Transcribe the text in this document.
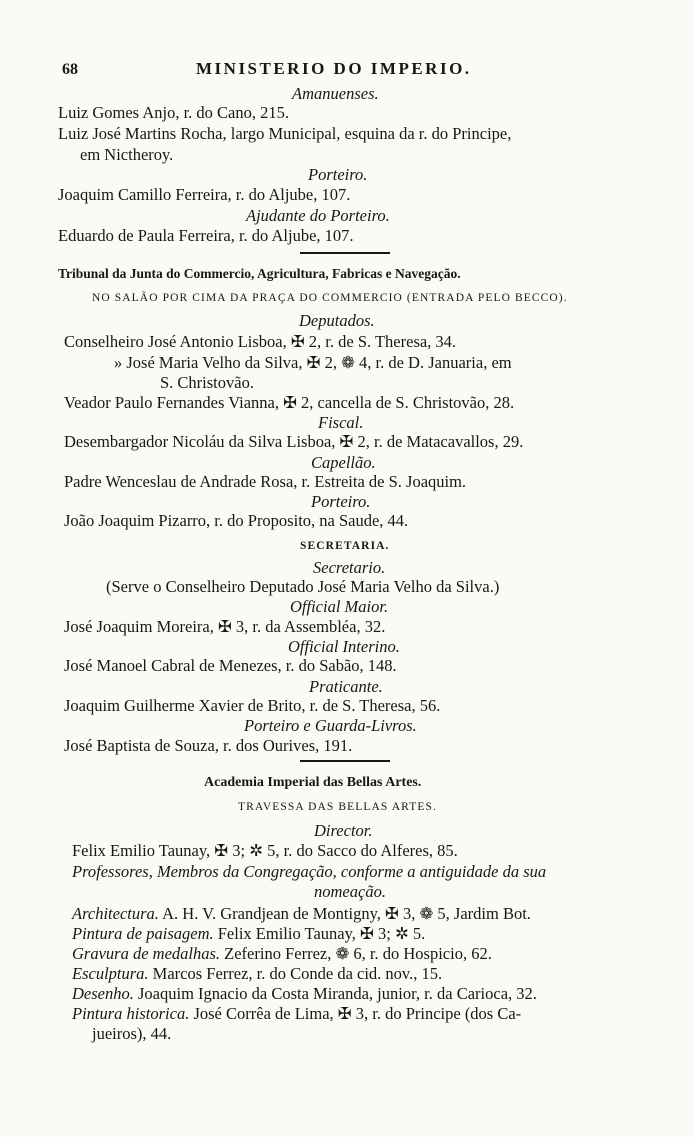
68	MINISTERIO DO IMPERIO.
Amanuenses.
Luiz Gomes Anjo, r. do Cano, 215.
Luiz José Martins Rocha, largo Municipal, esquina da r. do Principe,
em Nictheroy.
Porteiro.
Joaquim Camillo Ferreira, r. do Aljube, 107.
Ajudante do Porteiro.
Eduardo de Paula Ferreira, r. do Aljube, 107.
Tribunal da Junta do Commercio, Agricultura, Fabricas e Navegação.
NO SALÃO POR CIMA DA PRAÇA DO COMMERCIO (ENTRADA PELO BECCO).
Deputados.
Conselheiro José Antonio Lisboa, ✠ 2, r. de S. Theresa, 34.
» José Maria Velho da Silva, ✠ 2, ❁ 4, r. de D. Januaria, em
S. Christovão.
Veador Paulo Fernandes Vianna, ✠ 2, cancella de S. Christovão, 28.
Fiscal.
Desembargador Nicoláu da Silva Lisboa, ✠ 2, r. de Matacavallos, 29.
Capellão.
Padre Wenceslau de Andrade Rosa, r. Estreita de S. Joaquim.
Porteiro.
João Joaquim Pizarro, r. do Proposito, na Saude, 44.
SECRETARIA.
Secretario.
(Serve o Conselheiro Deputado José Maria Velho da Silva.)
Official Maior.
José Joaquim Moreira, ✠ 3, r. da Assembléa, 32.
Official Interino.
José Manoel Cabral de Menezes, r. do Sabão, 148.
Praticante.
Joaquim Guilherme Xavier de Brito, r. de S. Theresa, 56.
Porteiro e Guarda-Livros.
José Baptista de Souza, r. dos Ourives, 191.
Academia Imperial das Bellas Artes.
TRAVESSA DAS BELLAS ARTES.
Director.
Felix Emilio Taunay, ✠ 3; ✲ 5, r. do Sacco do Alferes, 85.
Professores, Membros da Congregação, conforme a antiguidade da sua
nomeação.
Architectura. A. H. V. Grandjean de Montigny, ✠ 3, ❁ 5, Jardim Bot.
Pintura de paisagem. Felix Emilio Taunay, ✠ 3; ✲ 5.
Gravura de medalhas. Zeferino Ferrez, ❁ 6, r. do Hospicio, 62.
Esculptura. Marcos Ferrez, r. do Conde da cid. nov., 15.
Desenho. Joaquim Ignacio da Costa Miranda, junior, r. da Carioca, 32.
Pintura historica. José Corrêa de Lima, ✠ 3, r. do Principe (dos Ca-
jueiros), 44.
